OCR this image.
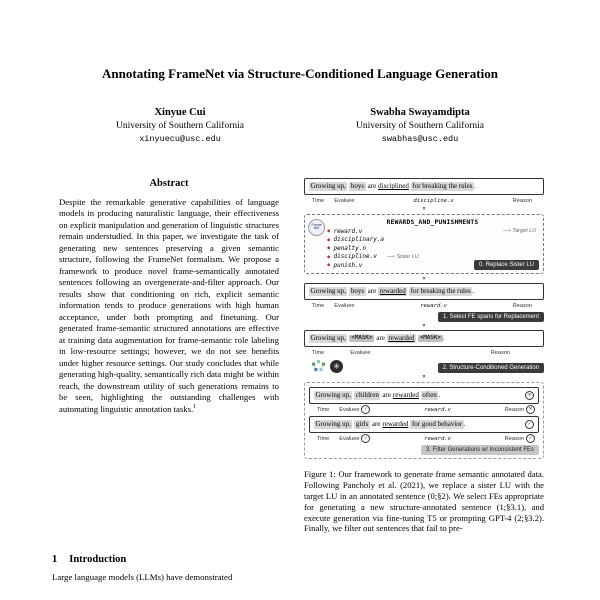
Annotating FrameNet via Structure-Conditioned Language Generation
Xinyue Cui
University of Southern California
xinyuecu@usc.edu
Swabha Swayamdipta
University of Southern California
swabhas@usc.edu
Abstract

Despite the remarkable generative capabilities of language models in producing naturalistic language, their effectiveness on explicit manipulation and generation of linguistic structures remain understudied. In this paper, we investigate the task of generating new sentences preserving a given semantic structure, following the FrameNet formalism. We propose a framework to produce novel frame-semantically annotated sentences following an overgenerate-and-filter approach. Our results show that conditioning on rich, explicit semantic information tends to produce generations with high human acceptance, under both prompting and finetuning. Our generated frame-semantic structured annotations are effective at training data augmentation for frame-semantic role labeling in low-resource settings; however, we do not see benefits under higher resource settings. Our study concludes that while generating high-quality, semantically rich data might be within reach, the downstream utility of such generations remains to be seen, highlighting the outstanding challenges with automating linguistic annotation tasks.$^1$

1 Introduction

Large language models (LLMs) have demonstrated

Growing up, boys are disciplined for breaking the rules .
Time Evaluee	discipline.v	Reason
▼
Frame Net
REWARDS_AND_PUNISHMENTS
◆ reward.v	⟶ Target LU
◆ disciplinary.a
◆ penalty.n
◆ discipline.v ⟶ Sister LU
◆ punish.v	0. Replace Sister LU
▼
Growing up, boys are rewarded for breaking the rules .
Time Evaluee	reward.v	Reason
1. Select FE spans for Replacement
▼
Growing up, <MASK> are rewarded <MASK> .
Time	Evaluee	Reason
✳	2. Structure-Conditioned Generation
▼
Growing up, children are rewarded often .	✕
Time Evaluee ✓	reward.v	Reason ✕
Growing up, girls are rewarded for good behavior .	✓
Time Evaluee ✓	reward.v	Reason ✓
3. Filter Generations w/ Inconsistent FEs

Figure 1: Our framework to generate frame semantic annotated data. Following Pancholy et al. (2021), we replace a sister LU with the target LU in an annotated sentence (0;§2). We select FEs appropriate for generating a new structure-annotated sentence (1;§3.1), and execute generation via fine-tuning T5 or prompting GPT-4 (2;§3.2). Finally, we filter out sentences that fail to pre-
